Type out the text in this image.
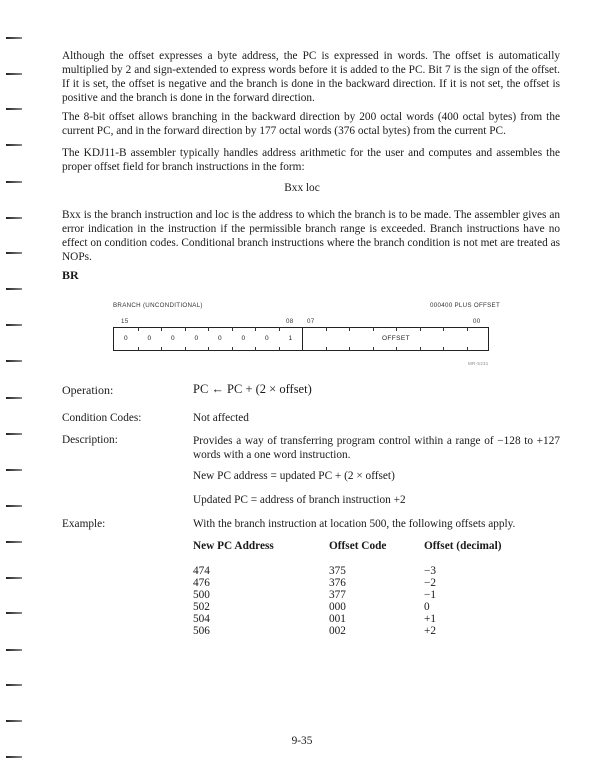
Although the offset expresses a byte address, the PC is expressed in words. The offset is automatically multiplied by 2 and sign-extended to express words before it is added to the PC. Bit 7 is the sign of the offset. If it is set, the offset is negative and the branch is done in the backward direction. If it is not set, the offset is positive and the branch is done in the forward direction.

The 8-bit offset allows branching in the backward direction by 200 octal words (400 octal bytes) from the current PC, and in the forward direction by 177 octal words (376 octal bytes) from the current PC.

The KDJ11-B assembler typically handles address arithmetic for the user and computes and assembles the proper offset field for branch instructions in the form:

Bxx loc

Bxx is the branch instruction and loc is the address to which the branch is to be made. The assembler gives an error indication in the instruction if the permissible branch range is exceeded. Branch instructions have no effect on condition codes. Conditional branch instructions where the branch condition is not met are treated as NOPs.

BR
BRANCH (UNCONDITIONAL)	000400 PLUS OFFSET
15	08 07	00
0	0	0	0	0	0	0	1	OFFSET
MR-5231
Operation:	PC ← PC + (2 × offset)
Condition Codes:	Not affected
Description:	Provides a way of transferring program control within a range of −128 to +127 words with a one word instruction.

New PC address = updated PC + (2 × offset)
Updated PC = address of branch instruction +2
Example:	With the branch instruction at location 500, the following offsets apply.
New PC Address	Offset Code	Offset (decimal)
474	375	−3
476	376	−2
500	377	−1
502	000	0
504	001	+1
506	002	+2
9-35
